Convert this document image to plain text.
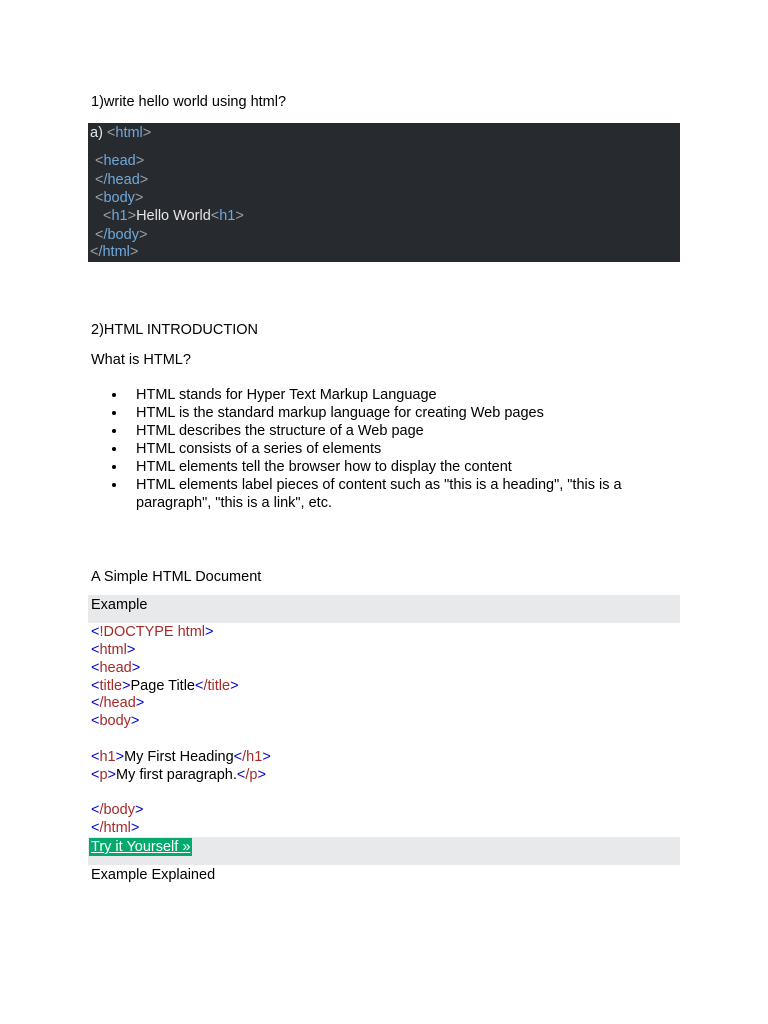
1)write hello world using html?
a) <html>
<head>
</head>
<body>
<h1>Hello World<h1>
</body>
</html>
2)HTML INTRODUCTION
What is HTML?
HTML stands for Hyper Text Markup Language
HTML is the standard markup language for creating Web pages
HTML describes the structure of a Web page
HTML consists of a series of elements
HTML elements tell the browser how to display the content
HTML elements label pieces of content such as "this is a heading", "this is a paragraph", "this is a link", etc.
A Simple HTML Document
Example
<!DOCTYPE html>
<html>
<head>
<title>Page Title</title>
</head>
<body>
<h1>My First Heading</h1>
<p>My first paragraph.</p>
</body>
</html>
Try it Yourself »
Example Explained
